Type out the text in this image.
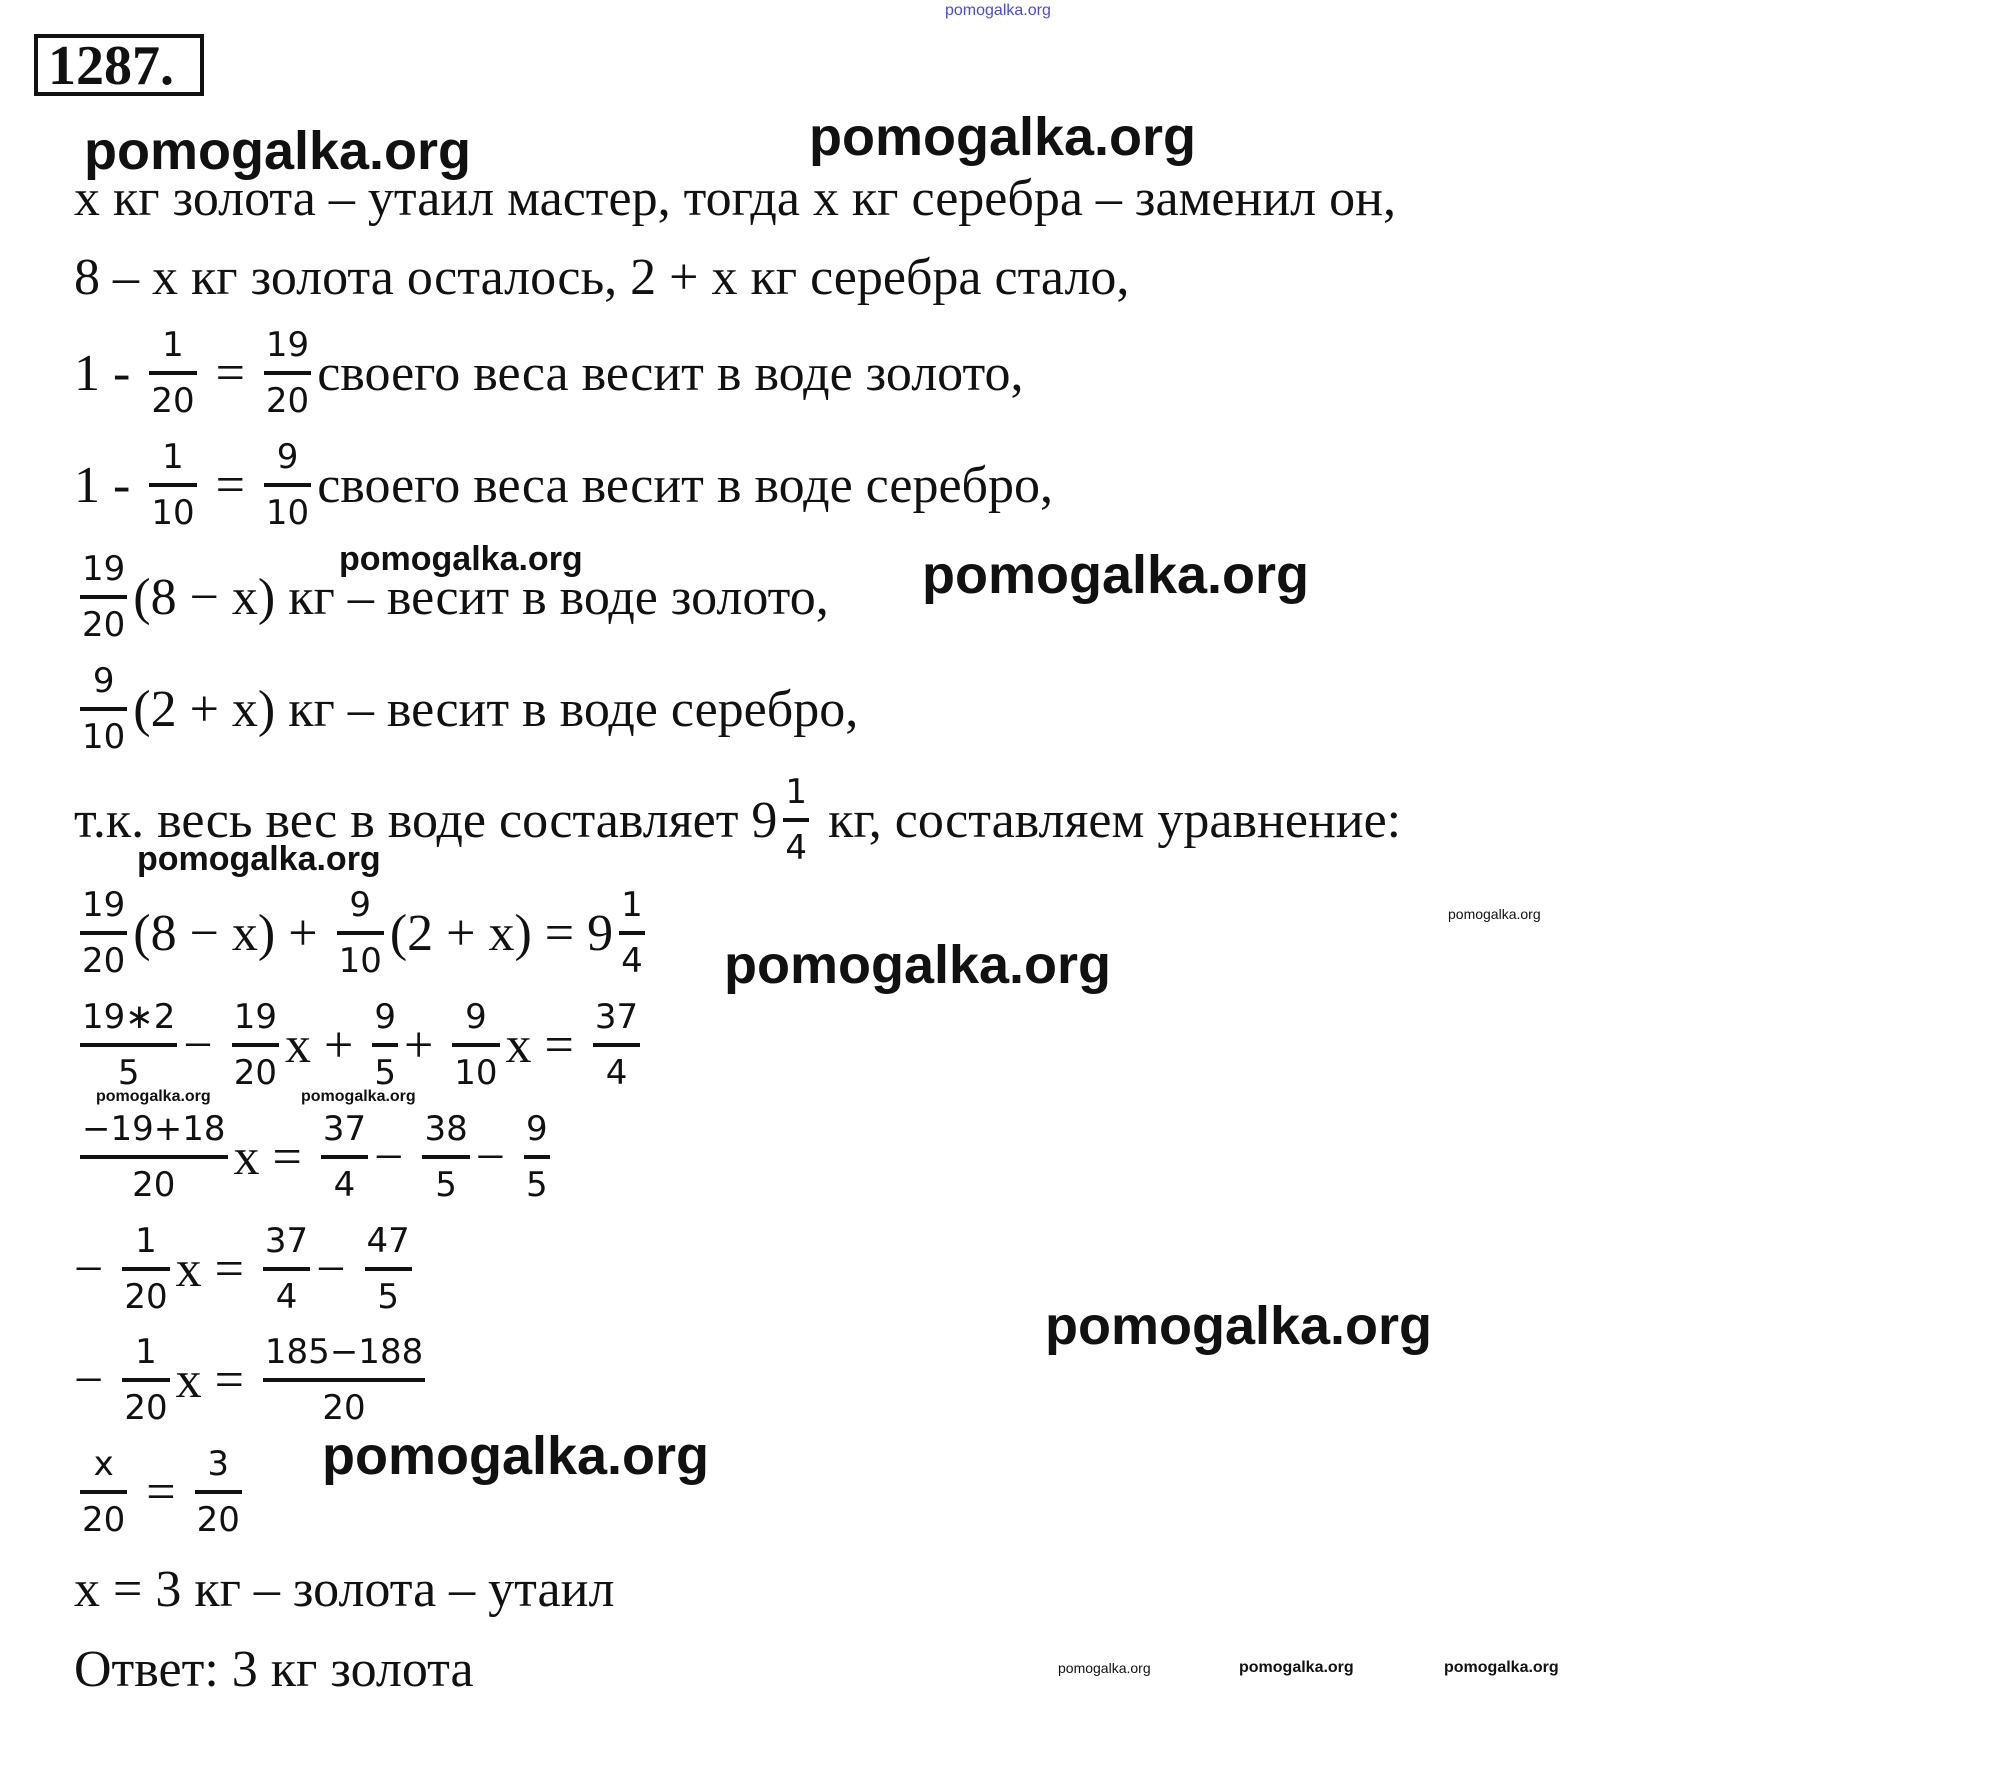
1287.
pomogalka.org
pomogalka.org	pomogalka.org
pomogalka.org	pomogalka.org
pomogalka.org
pomogalka.org
pomogalka.org
pomogalka.org	pomogalka.org
pomogalka.org
pomogalka.org
pomogalka.org	pomogalka.org	pomogalka.org
x кг золота – утаил мастер, тогда x кг серебра – заменил он,
8 – x кг золота осталось, 2 + x кг серебра стало,
$1 - \frac{1}{20} = \frac{19}{20}$ своего веса весит в воде золото,
$1 - \frac{1}{10} = \frac{9}{10}$ своего веса весит в воде серебро,
$\frac{19}{20} (8 - x)$ кг – весит в воде золото,
$\frac{9}{10} (2 + x)$ кг – весит в воде серебро,
т.к. весь вес в воде составляет $9 \frac{1}{4}$ кг, составляем уравнение:
$\frac{19}{20} (8 - x) + \frac{9}{10} (2 + x) = 9 \frac{1}{4}$
$\frac{19∗2}{5} - \frac{19}{20}$ $x + \frac{9}{5} + \frac{9}{10}$ $x = \frac{37}{4}$
$\frac{-19+18}{20}$ $x = \frac{37}{4} - \frac{38}{5} - \frac{9}{5}$
− $\frac{1}{20}$ $x = \frac{37}{4} - \frac{47}{5}$
− $\frac{1}{20}$ $x = \frac{185-188}{20}$
$\frac{x}{20} = \frac{3}{20}$
x = 3 кг – золота – утаил
Ответ: 3 кг золота
